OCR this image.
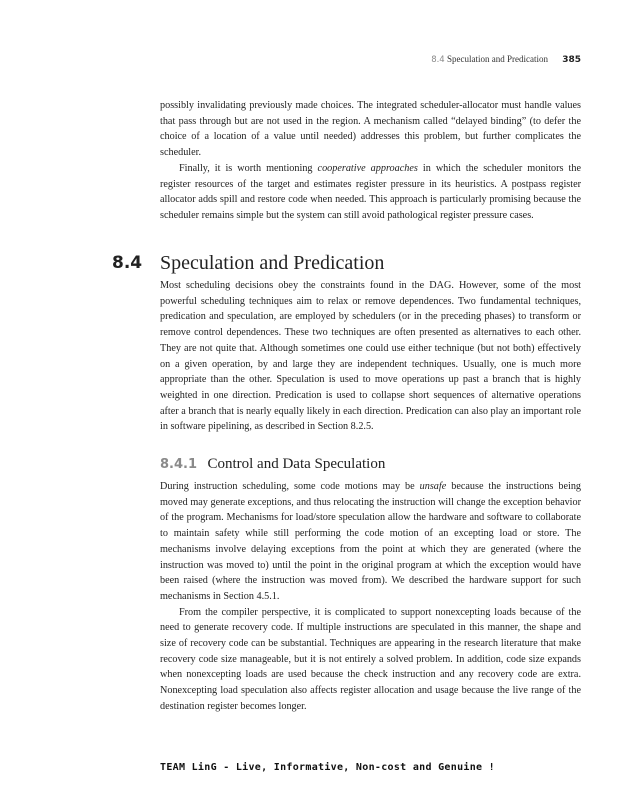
8.4 Speculation and Predication 385

possibly invalidating previously made choices. The integrated scheduler-allocator must handle values that pass through but are not used in the region. A mechanism called “delayed binding” (to defer the choice of a location of a value until needed) addresses this problem, but further complicates the scheduler.

Finally, it is worth mentioning cooperative approaches in which the scheduler monitors the register resources of the target and estimates register pressure in its heuristics. A postpass register allocator adds spill and restore code when needed. This approach is particularly promising because the scheduler remains simple but the system can still avoid pathological register pressure cases.

8.4 Speculation and Predication

Most scheduling decisions obey the constraints found in the DAG. However, some of the most powerful scheduling techniques aim to relax or remove dependences. Two fundamental techniques, predication and speculation, are employed by schedulers (or in the preceding phases) to transform or remove control dependences. These two techniques are often presented as alternatives to each other. They are not quite that. Although sometimes one could use either technique (but not both) effectively on a given operation, by and large they are independent techniques. Usually, one is much more appropriate than the other. Speculation is used to move operations up past a branch that is highly weighted in one direction. Predication is used to collapse short sequences of alternative operations after a branch that is nearly equally likely in each direction. Predication can also play an important role in software pipelining, as described in Section 8.2.5.

8.4.1 Control and Data Speculation

During instruction scheduling, some code motions may be unsafe because the instructions being moved may generate exceptions, and thus relocating the instruction will change the exception behavior of the program. Mechanisms for load/store speculation allow the hardware and software to collaborate to maintain safety while still performing the code motion of an excepting load or store. The mechanisms involve delaying exceptions from the point at which they are generated (where the instruction was moved to) until the point in the original program at which the exception would have been raised (where the instruction was moved from). We described the hardware support for such mechanisms in Section 4.5.1.

From the compiler perspective, it is complicated to support nonexcepting loads because of the need to generate recovery code. If multiple instructions are speculated in this manner, the shape and size of recovery code can be substantial. Techniques are appearing in the research literature that make recovery code size manageable, but it is not entirely a solved problem. In addition, code size expands when nonexcepting loads are used because the check instruction and any recovery code are extra. Nonexcepting load speculation also affects register allocation and usage because the live range of the destination register becomes longer.

TEAM LinG - Live, Informative, Non-cost and Genuine !
